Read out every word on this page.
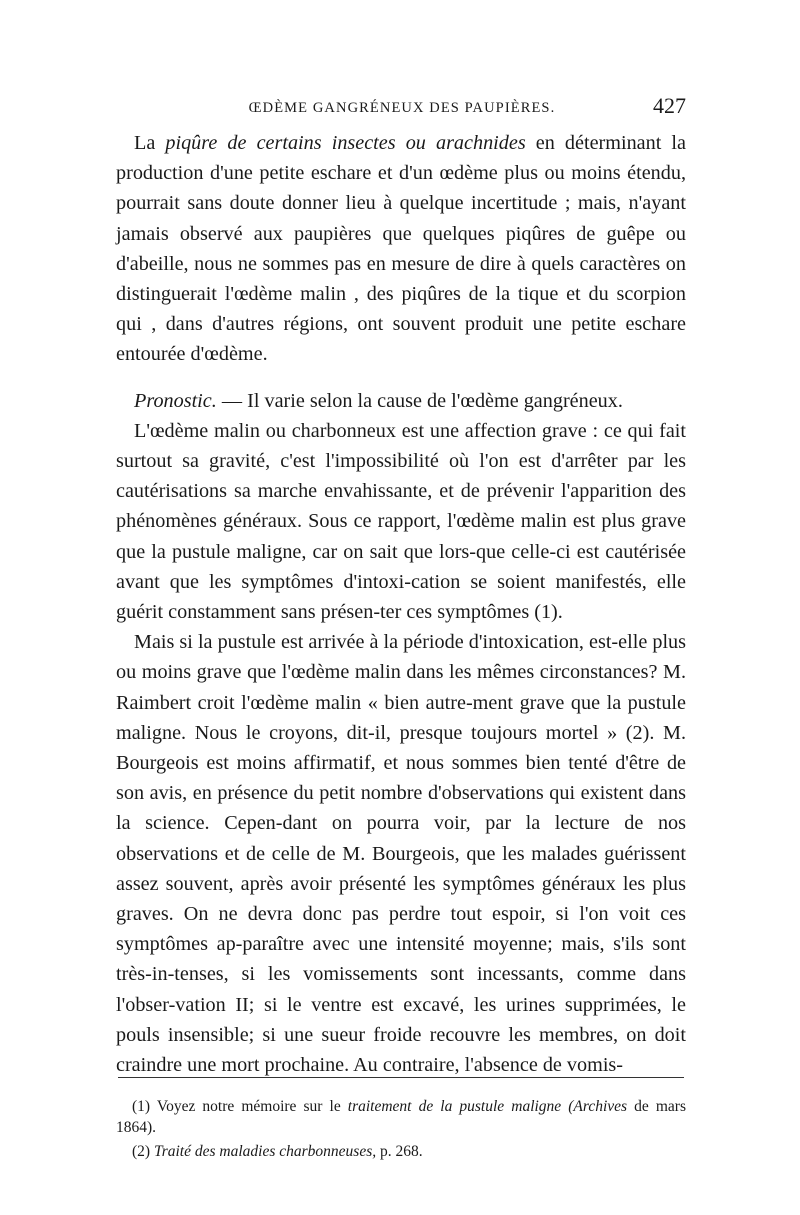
ŒDÈME GANGRÉNEUX DES PAUPIÈRES.	427

La piqûre de certains insectes ou arachnides en déterminant la production d'une petite eschare et d'un œdème plus ou moins étendu, pourrait sans doute donner lieu à quelque incertitude ; mais, n'ayant jamais observé aux paupières que quelques piqûres de guêpe ou d'abeille, nous ne sommes pas en mesure de dire à quels caractères on distinguerait l'œdème malin , des piqûres de la tique et du scorpion qui , dans d'autres régions, ont souvent produit une petite eschare entourée d'œdème.

Pronostic. — Il varie selon la cause de l'œdème gangréneux.

L'œdème malin ou charbonneux est une affection grave : ce qui fait surtout sa gravité, c'est l'impossibilité où l'on est d'arrêter par les cautérisations sa marche envahissante, et de prévenir l'apparition des phénomènes généraux. Sous ce rapport, l'œdème malin est plus grave que la pustule maligne, car on sait que lors-que celle-ci est cautérisée avant que les symptômes d'intoxi-cation se soient manifestés, elle guérit constamment sans présen-ter ces symptômes (1).

Mais si la pustule est arrivée à la période d'intoxication, est-elle plus ou moins grave que l'œdème malin dans les mêmes circonstances? M. Raimbert croit l'œdème malin « bien autre-ment grave que la pustule maligne. Nous le croyons, dit-il, presque toujours mortel » (2). M. Bourgeois est moins affirmatif, et nous sommes bien tenté d'être de son avis, en présence du petit nombre d'observations qui existent dans la science. Cepen-dant on pourra voir, par la lecture de nos observations et de celle de M. Bourgeois, que les malades guérissent assez souvent, après avoir présenté les symptômes généraux les plus graves. On ne devra donc pas perdre tout espoir, si l'on voit ces symptômes ap-paraître avec une intensité moyenne; mais, s'ils sont très-in-tenses, si les vomissements sont incessants, comme dans l'obser-vation II; si le ventre est excavé, les urines supprimées, le pouls insensible; si une sueur froide recouvre les membres, on doit craindre une mort prochaine. Au contraire, l'absence de vomis-

(1) Voyez notre mémoire sur le traitement de la pustule maligne (Archives de mars 1864).

(2) Traité des maladies charbonneuses, p. 268.
